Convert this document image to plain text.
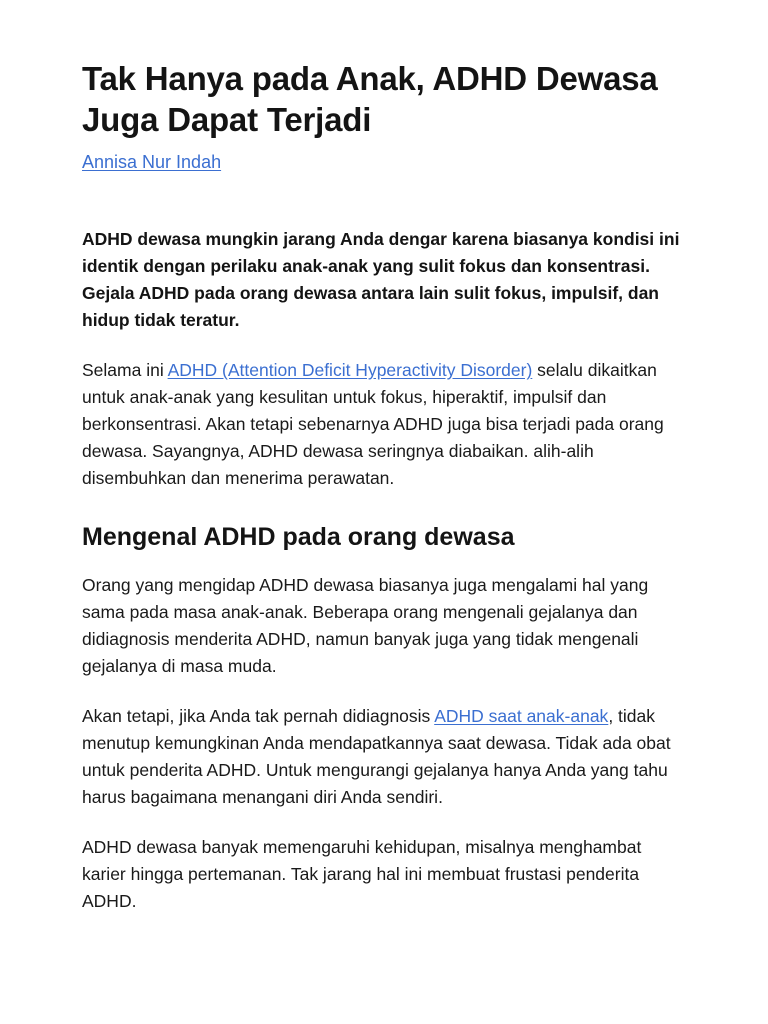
Tak Hanya pada Anak, ADHD Dewasa Juga Dapat Terjadi
Annisa Nur Indah

ADHD dewasa mungkin jarang Anda dengar karena biasanya kondisi ini identik dengan perilaku anak-anak yang sulit fokus dan konsentrasi. Gejala ADHD pada orang dewasa antara lain sulit fokus, impulsif, dan hidup tidak teratur.

Selama ini ADHD (Attention Deficit Hyperactivity Disorder) selalu dikaitkan untuk anak-anak yang kesulitan untuk fokus, hiperaktif, impulsif dan berkonsentrasi. Akan tetapi sebenarnya ADHD juga bisa terjadi pada orang dewasa. Sayangnya, ADHD dewasa seringnya diabaikan. alih-alih disembuhkan dan menerima perawatan.

Mengenal ADHD pada orang dewasa

Orang yang mengidap ADHD dewasa biasanya juga mengalami hal yang sama pada masa anak-anak. Beberapa orang mengenali gejalanya dan didiagnosis menderita ADHD, namun banyak juga yang tidak mengenali gejalanya di masa muda.

Akan tetapi, jika Anda tak pernah didiagnosis ADHD saat anak-anak, tidak menutup kemungkinan Anda mendapatkannya saat dewasa. Tidak ada obat untuk penderita ADHD. Untuk mengurangi gejalanya hanya Anda yang tahu harus bagaimana menangani diri Anda sendiri.

ADHD dewasa banyak memengaruhi kehidupan, misalnya menghambat karier hingga pertemanan. Tak jarang hal ini membuat frustasi penderita ADHD.
